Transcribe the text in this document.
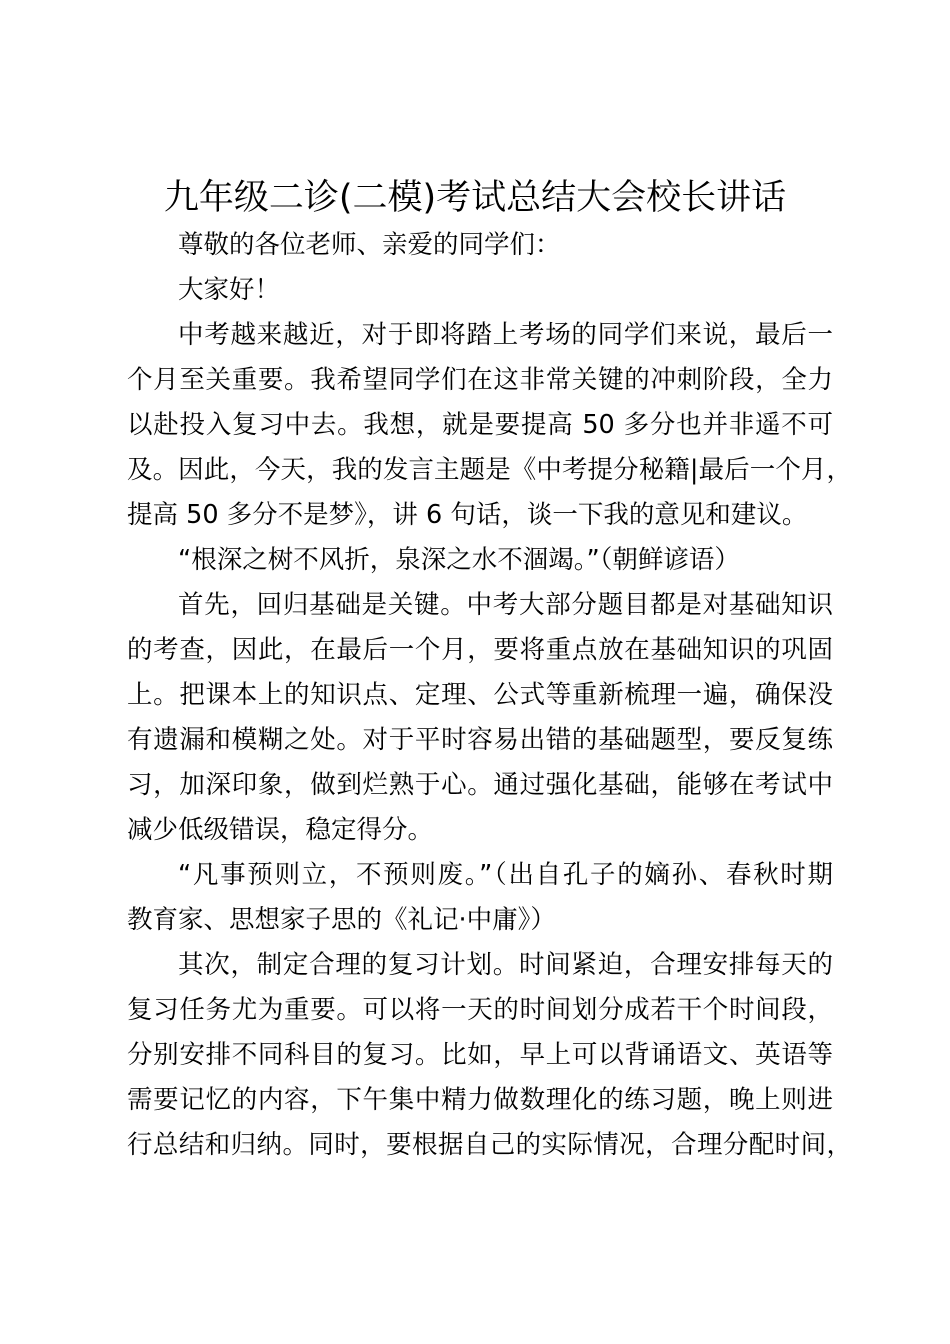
九年级二诊(二模)考试总结大会校长讲话
尊敬的各位老师、亲爱的同学们：
大家好！
中考越来越近，对于即将踏上考场的同学们来说，最后一
个月至关重要。我希望同学们在这非常关键的冲刺阶段，全力
以赴投入复习中去。我想，就是要提高 50 多分也并非遥不可
及。因此，今天，我的发言主题是《中考提分秘籍|最后一个月，
提高 50 多分不是梦》，讲 6 句话，谈一下我的意见和建议。
“根深之树不风折，泉深之水不涸竭。”（朝鲜谚语）
首先，回归基础是关键。中考大部分题目都是对基础知识
的考查，因此，在最后一个月，要将重点放在基础知识的巩固
上。把课本上的知识点、定理、公式等重新梳理一遍，确保没
有遗漏和模糊之处。对于平时容易出错的基础题型，要反复练
习，加深印象，做到烂熟于心。通过强化基础，能够在考试中
减少低级错误，稳定得分。
“凡事预则立，不预则废。”（出自孔子的嫡孙、春秋时期
教育家、思想家子思的《礼记·中庸》）
其次，制定合理的复习计划。时间紧迫，合理安排每天的
复习任务尤为重要。可以将一天的时间划分成若干个时间段，
分别安排不同科目的复习。比如，早上可以背诵语文、英语等
需要记忆的内容，下午集中精力做数理化的练习题，晚上则进
行总结和归纳。同时，要根据自己的实际情况，合理分配时间，
